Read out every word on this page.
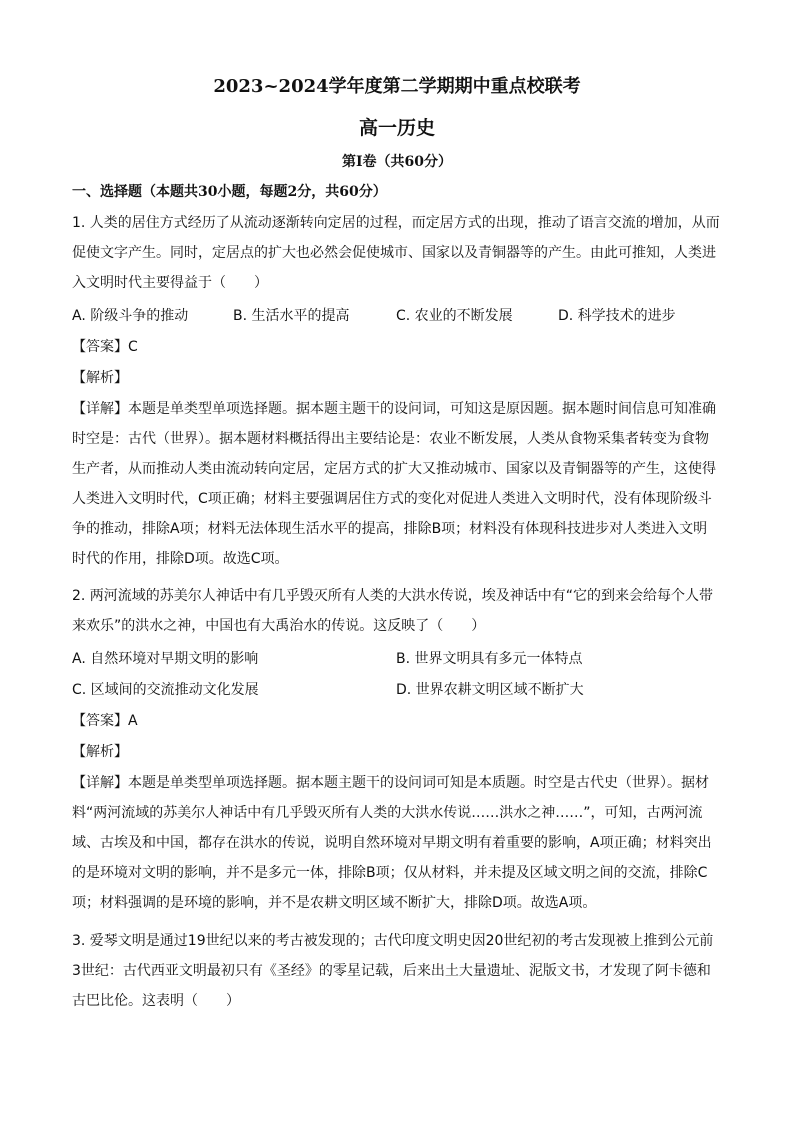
2023~2024学年度第二学期期中重点校联考
高一历史
第Ⅰ卷（共60分）
一、选择题（本题共30小题，每题2分，共60分）
1. 人类的居住方式经历了从流动逐渐转向定居的过程，而定居方式的出现，推动了语言交流的增加，从而
促使文字产生。同时，定居点的扩大也必然会促使城市、国家以及青铜器等的产生。由此可推知，人类进
入文明时代主要得益于（　　）
A. 阶级斗争的推动	B. 生活水平的提高	C. 农业的不断发展	D. 科学技术的进步
【答案】C
【解析】
【详解】本题是单类型单项选择题。据本题主题干的设问词，可知这是原因题。据本题时间信息可知准确
时空是：古代（世界）。据本题材料概括得出主要结论是：农业不断发展，人类从食物采集者转变为食物
生产者，从而推动人类由流动转向定居，定居方式的扩大又推动城市、国家以及青铜器等的产生，这使得
人类进入文明时代，C项正确；材料主要强调居住方式的变化对促进人类进入文明时代，没有体现阶级斗
争的推动，排除A项；材料无法体现生活水平的提高，排除B项；材料没有体现科技进步对人类进入文明
时代的作用，排除D项。故选C项。
2. 两河流域的苏美尔人神话中有几乎毁灭所有人类的大洪水传说，埃及神话中有“它的到来会给每个人带
来欢乐”的洪水之神，中国也有大禹治水的传说。这反映了（　　）
A. 自然环境对早期文明的影响	B. 世界文明具有多元一体特点
C. 区域间的交流推动文化发展	D. 世界农耕文明区域不断扩大
【答案】A
【解析】
【详解】本题是单类型单项选择题。据本题主题干的设问词可知是本质题。时空是古代史（世界）。据材
料“两河流域的苏美尔人神话中有几乎毁灭所有人类的大洪水传说……洪水之神……”，可知，古两河流
域、古埃及和中国，都存在洪水的传说，说明自然环境对早期文明有着重要的影响，A项正确；材料突出
的是环境对文明的影响，并不是多元一体，排除B项；仅从材料，并未提及区域文明之间的交流，排除C
项；材料强调的是环境的影响，并不是农耕文明区域不断扩大，排除D项。故选A项。
3. 爱琴文明是通过19世纪以来的考古被发现的；古代印度文明史因20世纪初的考古发现被上推到公元前
3世纪：古代西亚文明最初只有《圣经》的零星记载，后来出土大量遗址、泥版文书，才发现了阿卡德和
古巴比伦。这表明（　　）
